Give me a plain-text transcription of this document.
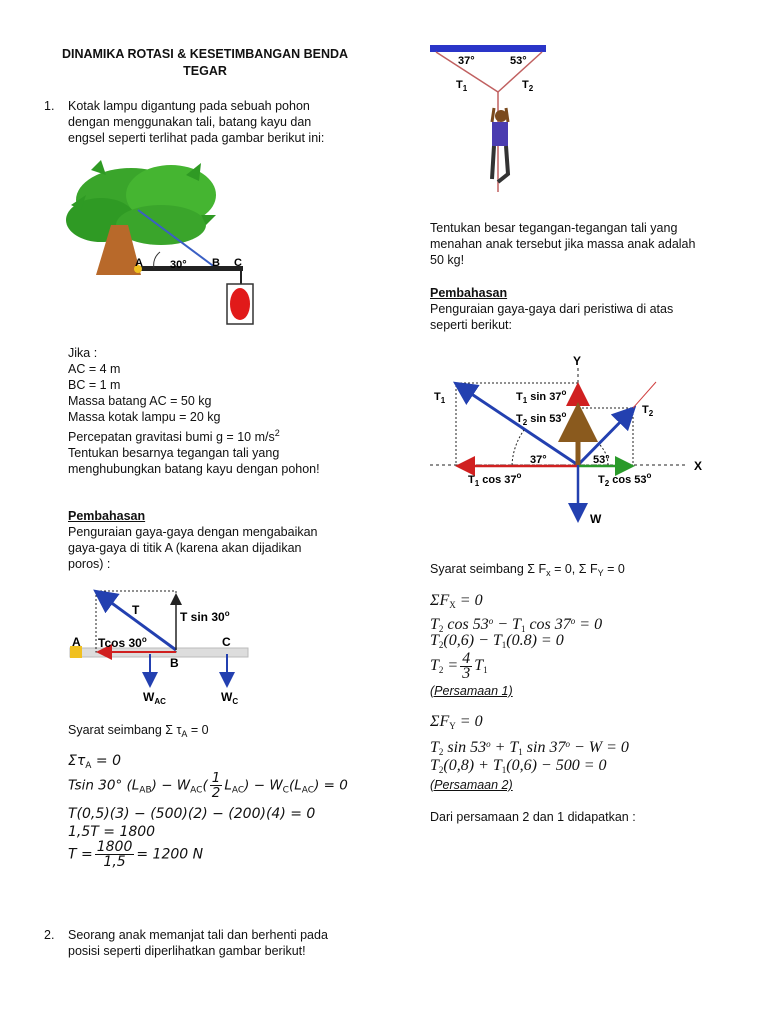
DINAMIKA ROTASI & KESETIMBANGAN BENDA
TEGAR
1. Kotak lampu digantung pada sebuah pohon
dengan menggunakan tali, batang kayu dan
engsel seperti terlihat pada gambar berikut ini:
A 30° B C
Jika :
AC = 4 m
BC = 1 m
Massa batang AC = 50 kg
Massa kotak lampu = 20 kg
Percepatan gravitasi bumi g = 10 $m/s^2$
Tentukan besarnya tegangan tali yang
menghubungkan batang kayu dengan pohon!
Pembahasan
Penguraian gaya-gaya dengan mengabaikan
gaya-gaya di titik A (karena akan dijadikan
poros) :
T	T sin 30$^o$
Tcos 30$^o$
A
B
C
$W_{AC}$	$W_C$
Syarat seimbang Σ $\tau_A = 0$
$\Sigma\tau_A = 0$
Tsin 30° $(L_{AB}) - W_{AC}( \frac{1}{2} L_{AC}) - W_C(L_{AC}) = 0$
T(0,5)(3) − (500)(2) − (200)(4) = 0
1,5T = 1800
$T = \frac{1800}{1,5} = 1200$ N
2. Seorang anak memanjat tali dan berhenti pada
posisi seperti diperlihatkan gambar berikut!
37°	53°
$T_1$	$T_2$
Tentukan besar tegangan-tegangan tali yang
menahan anak tersebut jika massa anak adalah
50 kg!
Pembahasan
Penguraian gaya-gaya dari peristiwa di atas
seperti berikut:
Y
X
W
$T_1$
$T_2$
$T_1$ sin 37$^o$
$T_2$ sin 53$^o$
37°	53°
$T_1$ cos 37$^o$	$T_2$ cos 53$^o$
Syarat seimbang Σ $F_x = 0$, Σ $F_Y = 0$
$\Sigma F_X = 0$
$T_2$ $\cos 53^o - T_1$ $\cos 37^o = 0$
$T_2(0,6) - T_1(0.8) = 0$
$T_2 = \frac{4}{3} T_1$
(Persamaan 1)
$\Sigma F_Y = 0$
$T_2$ $\sin 53^o + T_1$ $\sin 37^o - W = 0$
$T_2(0,8) + T_1(0,6) - 500 = 0$
(Persamaan 2)
Dari persamaan 2 dan 1 didapatkan :
